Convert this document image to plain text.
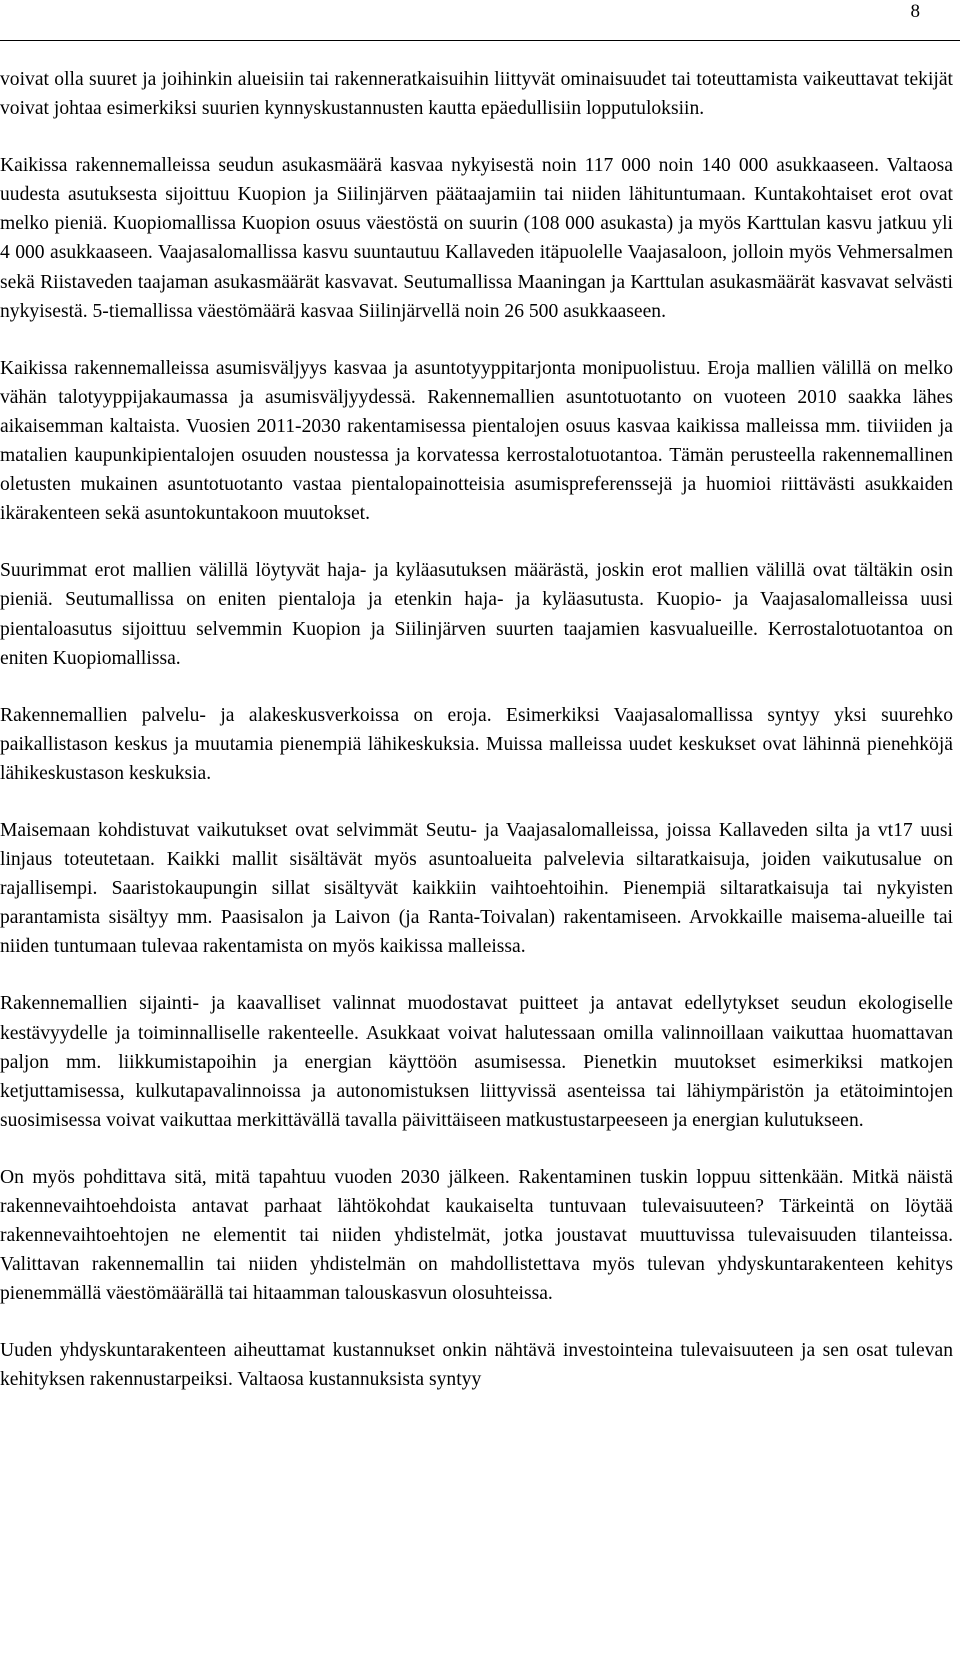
8

voivat olla suuret ja joihinkin alueisiin tai rakenneratkaisuihin liittyvät ominaisuudet tai toteuttamista vaikeuttavat tekijät voivat johtaa esimerkiksi suurien kynnyskustannusten kautta epäedullisiin lopputuloksiin.

Kaikissa rakennemalleissa seudun asukasmäärä kasvaa nykyisestä noin 117 000 noin 140 000 asukkaaseen. Valtaosa uudesta asutuksesta sijoittuu Kuopion ja Siilinjärven päätaajamiin tai niiden lähituntumaan. Kuntakohtaiset erot ovat melko pieniä. Kuopiomallissa Kuopion osuus väestöstä on suurin (108 000 asukasta) ja myös Karttulan kasvu jatkuu yli 4 000 asukkaaseen. Vaajasalomallissa kasvu suuntautuu Kallaveden itäpuolelle Vaajasaloon, jolloin myös Vehmersalmen sekä Riistaveden taajaman asukasmäärät kasvavat. Seutumallissa Maaningan ja Karttulan asukasmäärät kasvavat selvästi nykyisestä. 5-tiemallissa väestömäärä kasvaa Siilinjärvellä noin 26 500 asukkaaseen.

Kaikissa rakennemalleissa asumisväljyys kasvaa ja asuntotyyppitarjonta monipuolistuu. Eroja mallien välillä on melko vähän talotyyppijakaumassa ja asumisväljyydessä. Rakennemallien asuntotuotanto on vuoteen 2010 saakka lähes aikaisemman kaltaista. Vuosien 2011-2030 rakentamisessa pientalojen osuus kasvaa kaikissa malleissa mm. tiiviiden ja matalien kaupunkipientalojen osuuden noustessa ja korvatessa kerrostalotuotantoa. Tämän perusteella rakennemallinen oletusten mukainen asuntotuotanto vastaa pientalopainotteisia asumispreferenssejä ja huomioi riittävästi asukkaiden ikärakenteen sekä asuntokuntakoon muutokset.

Suurimmat erot mallien välillä löytyvät haja- ja kyläasutuksen määrästä, joskin erot mallien välillä ovat tältäkin osin pieniä. Seutumallissa on eniten pientaloja ja etenkin haja- ja kyläasutusta. Kuopio- ja Vaajasalomalleissa uusi pientaloasutus sijoittuu selvemmin Kuopion ja Siilinjärven suurten taajamien kasvualueille. Kerrostalotuotantoa on eniten Kuopiomallissa.

Rakennemallien palvelu- ja alakeskusverkoissa on eroja. Esimerkiksi Vaajasalomallissa syntyy yksi suurehko paikallistason keskus ja muutamia pienempiä lähikeskuksia. Muissa malleissa uudet keskukset ovat lähinnä pienehköjä lähikeskustason keskuksia.

Maisemaan kohdistuvat vaikutukset ovat selvimmät Seutu- ja Vaajasalomalleissa, joissa Kallaveden silta ja vt17 uusi linjaus toteutetaan. Kaikki mallit sisältävät myös asuntoalueita palvelevia siltaratkaisuja, joiden vaikutusalue on rajallisempi. Saaristokaupungin sillat sisältyvät kaikkiin vaihtoehtoihin. Pienempiä siltaratkaisuja tai nykyisten parantamista sisältyy mm. Paasisalon ja Laivon (ja Ranta-Toivalan) rakentamiseen. Arvokkaille maisema-alueille tai niiden tuntumaan tulevaa rakentamista on myös kaikissa malleissa.

Rakennemallien sijainti- ja kaavalliset valinnat muodostavat puitteet ja antavat edellytykset seudun ekologiselle kestävyydelle ja toiminnalliselle rakenteelle. Asukkaat voivat halutessaan omilla valinnoillaan vaikuttaa huomattavan paljon mm. liikkumistapoihin ja energian käyttöön asumisessa. Pienetkin muutokset esimerkiksi matkojen ketjuttamisessa, kulkutapavalinnoissa ja autonomistuksen liittyvissä asenteissa tai lähiympäristön ja etätoimintojen suosimisessa voivat vaikuttaa merkittävällä tavalla päivittäiseen matkustustarpeeseen ja energian kulutukseen.

On myös pohdittava sitä, mitä tapahtuu vuoden 2030 jälkeen. Rakentaminen tuskin loppuu sittenkään. Mitkä näistä rakennevaihtoehdoista antavat parhaat lähtökohdat kaukaiselta tuntuvaan tulevaisuuteen? Tärkeintä on löytää rakennevaihtoehtojen ne elementit tai niiden yhdistelmät, jotka joustavat muuttuvissa tulevaisuuden tilanteissa. Valittavan rakennemallin tai niiden yhdistelmän on mahdollistettava myös tulevan yhdyskuntarakenteen kehitys pienemmällä väestömäärällä tai hitaamman talouskasvun olosuhteissa.

Uuden yhdyskuntarakenteen aiheuttamat kustannukset onkin nähtävä investointeina tulevaisuuteen ja sen osat tulevan kehityksen rakennustarpeiksi. Valtaosa kustannuksista syntyy
